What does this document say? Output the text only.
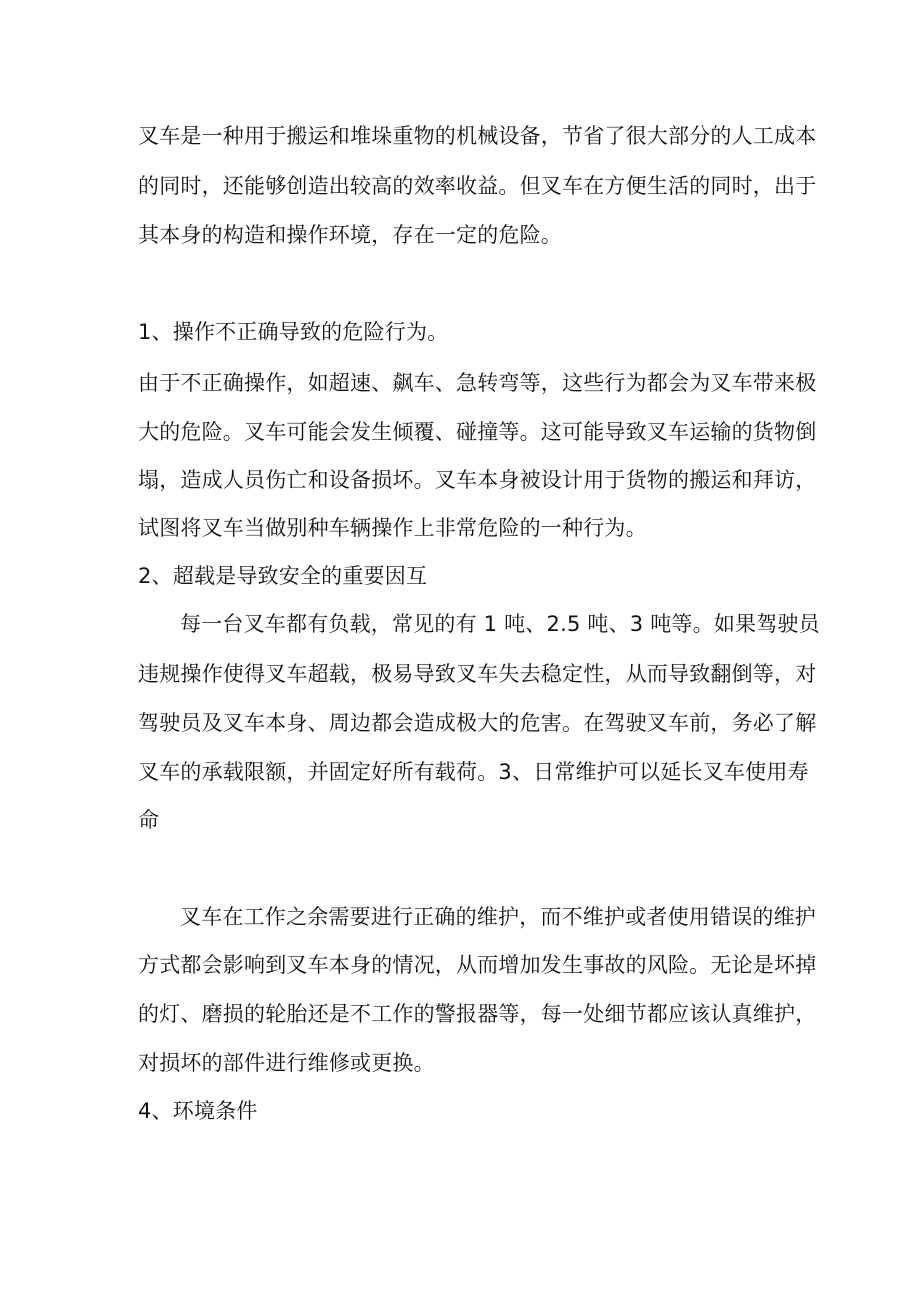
叉车是一种用于搬运和堆垛重物的机械设备，节省了很大部分的人工成本
的同时，还能够创造出较高的效率收益。但叉车在方便生活的同时，出于
其本身的构造和操作环境，存在一定的危险。
1、操作不正确导致的危险行为。
由于不正确操作，如超速、飙车、急转弯等，这些行为都会为叉车带来极
大的危险。叉车可能会发生倾覆、碰撞等。这可能导致叉车运输的货物倒
塌，造成人员伤亡和设备损坏。叉车本身被设计用于货物的搬运和拜访，
试图将叉车当做别种车辆操作上非常危险的一种行为。
2、超载是导致安全的重要因互
每一台叉车都有负载，常见的有 1 吨、2.5 吨、3 吨等。如果驾驶员
违规操作使得叉车超载，极易导致叉车失去稳定性，从而导致翻倒等，对
驾驶员及叉车本身、周边都会造成极大的危害。在驾驶叉车前，务必了解
叉车的承载限额，并固定好所有载荷。3、日常维护可以延长叉车使用寿
命
叉车在工作之余需要进行正确的维护，而不维护或者使用错误的维护
方式都会影响到叉车本身的情况，从而增加发生事故的风险。无论是坏掉
的灯、磨损的轮胎还是不工作的警报器等，每一处细节都应该认真维护，
对损坏的部件进行维修或更换。
4、环境条件
